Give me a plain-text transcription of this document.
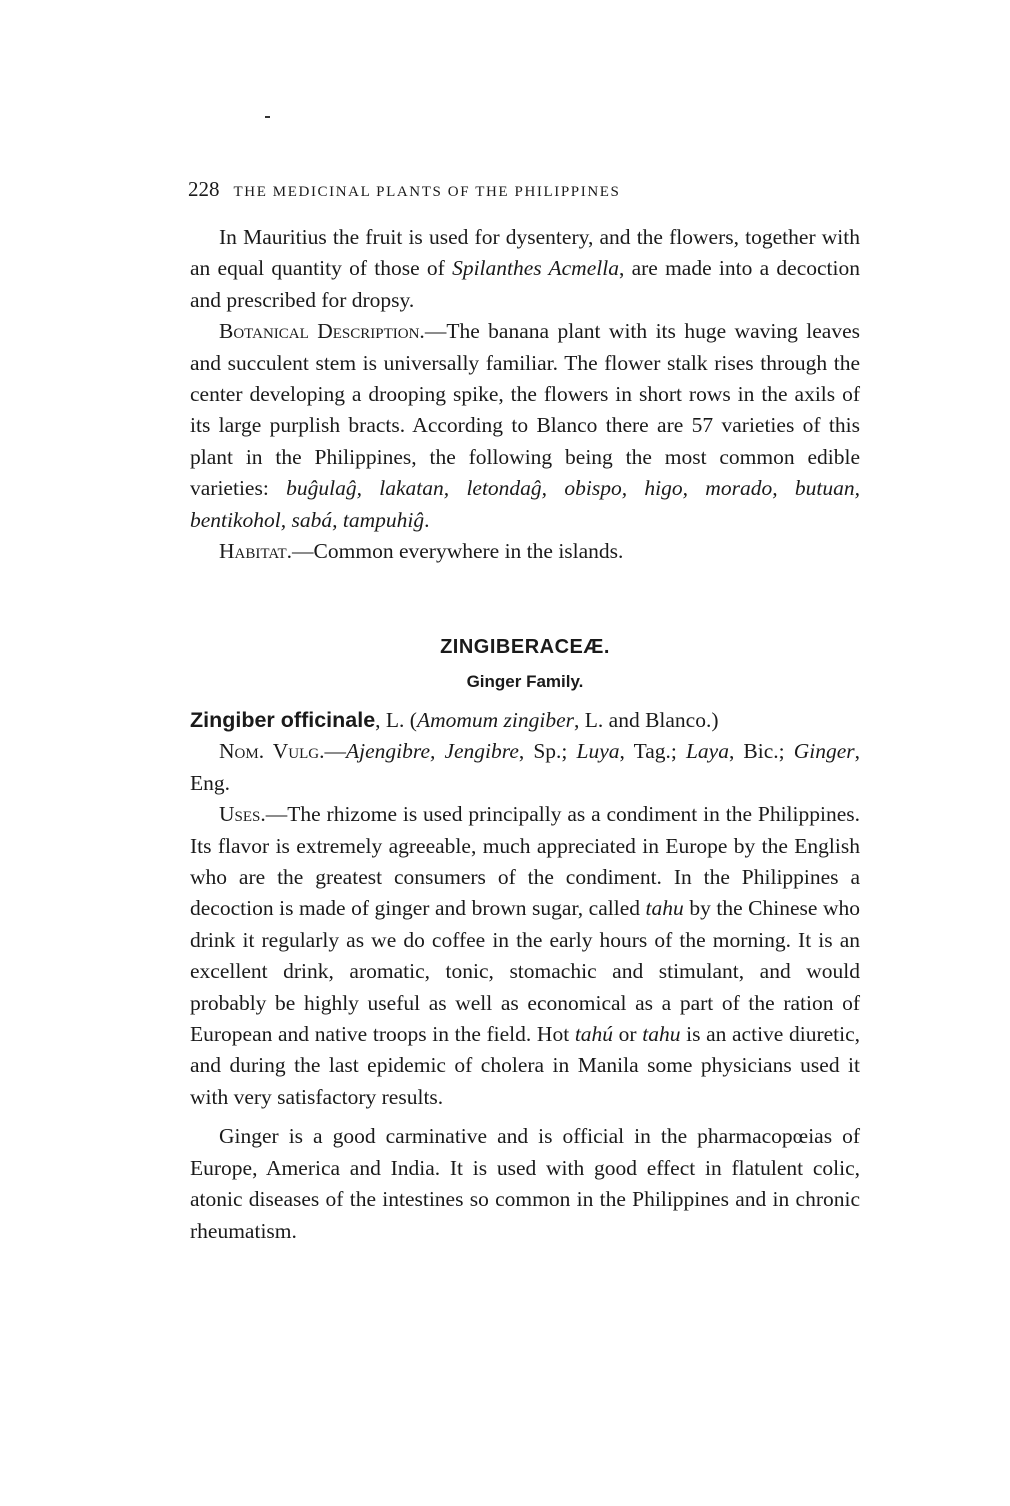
228 THE MEDICINAL PLANTS OF THE PHILIPPINES

In Mauritius the fruit is used for dysentery, and the flowers, together with an equal quantity of those of Spilanthes Acmella, are made into a decoction and prescribed for dropsy.

Botanical Description.—The banana plant with its huge waving leaves and succulent stem is universally familiar. The flower stalk rises through the center developing a drooping spike, the flowers in short rows in the axils of its large purplish bracts. According to Blanco there are 57 varieties of this plant in the Philippines, the following being the most common edible varieties: buĝulaĝ, lakatan, letondaĝ, obispo, higo, morado, butuan, bentikohol, sabá, tampuhiĝ.

Habitat.—Common everywhere in the islands.

ZINGIBERACEÆ.
Ginger Family.

Zingiber officinale, L. (Amomum zingiber, L. and Blanco.)

Nom. Vulg.—Ajengibre, Jengibre, Sp.; Luya, Tag.; Laya, Bic.; Ginger, Eng.

Uses.—The rhizome is used principally as a condiment in the Philippines. Its flavor is extremely agreeable, much appreciated in Europe by the English who are the greatest consumers of the condiment. In the Philippines a decoction is made of ginger and brown sugar, called tahu by the Chinese who drink it regularly as we do coffee in the early hours of the morning. It is an excellent drink, aromatic, tonic, stomachic and stimulant, and would probably be highly useful as well as economical as a part of the ration of European and native troops in the field. Hot tahú or tahu is an active diuretic, and during the last epidemic of cholera in Manila some physicians used it with very satisfactory results.

Ginger is a good carminative and is official in the pharmacopœias of Europe, America and India. It is used with good effect in flatulent colic, atonic diseases of the intestines so common in the Philippines and in chronic rheumatism.
